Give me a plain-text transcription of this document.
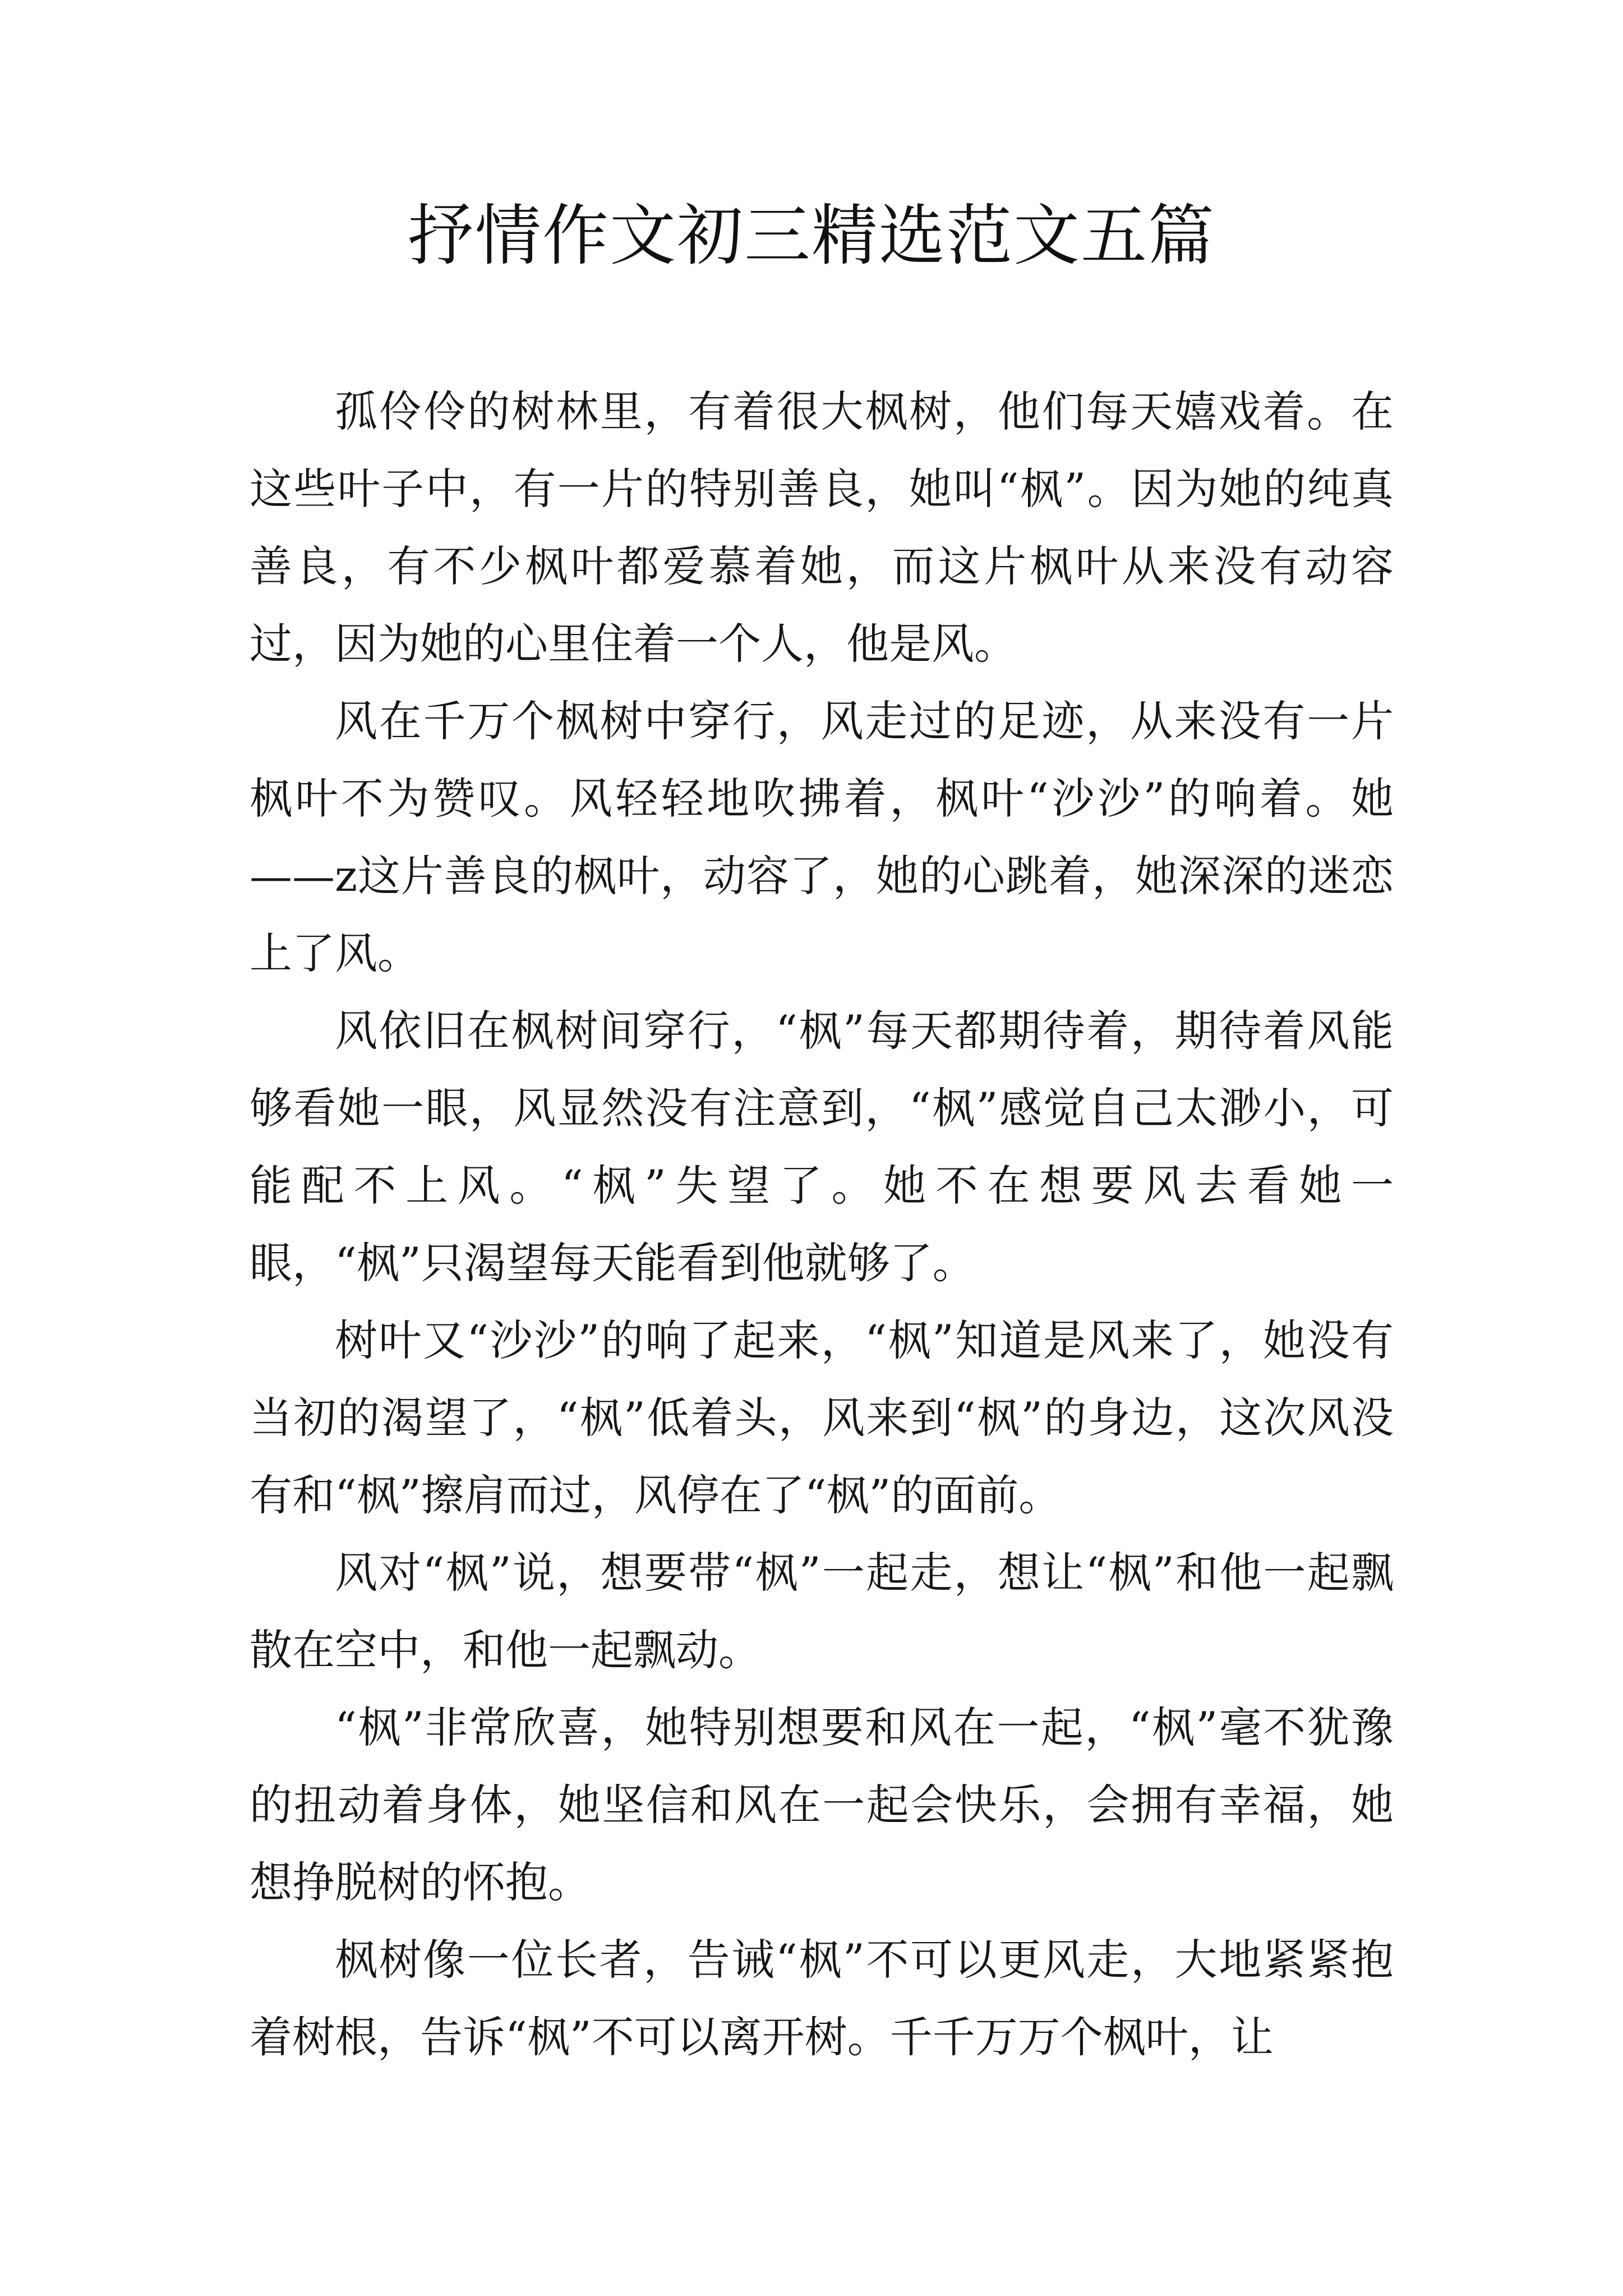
抒情作文初三精选范文五篇

孤伶伶的树林里，有着很大枫树，他们每天嬉戏着。在这些叶子中，有一片的特别善良，她叫“枫”。因为她的纯真善良，有不少枫叶都爱慕着她，而这片枫叶从来没有动容过，因为她的心里住着一个人，他是风。

风在千万个枫树中穿行，风走过的足迹，从来没有一片枫叶不为赞叹。风轻轻地吹拂着，枫叶“沙沙”的响着。她——z这片善良的枫叶，动容了，她的心跳着，她深深的迷恋上了风。

风依旧在枫树间穿行，“枫”每天都期待着，期待着风能够看她一眼，风显然没有注意到，“枫”感觉自己太渺小，可能配不上风。“枫”失望了。她不在想要风去看她一眼，“枫”只渴望每天能看到他就够了。

树叶又“沙沙”的响了起来，“枫”知道是风来了，她没有当初的渴望了，“枫”低着头，风来到“枫”的身边，这次风没有和“枫”擦肩而过，风停在了“枫”的面前。

风对“枫”说，想要带“枫”一起走，想让“枫”和他一起飘散在空中，和他一起飘动。

“枫”非常欣喜，她特别想要和风在一起，“枫”毫不犹豫的扭动着身体，她坚信和风在一起会快乐，会拥有幸福，她想挣脱树的怀抱。

枫树像一位长者，告诫“枫”不可以更风走，大地紧紧抱着树根，告诉“枫”不可以离开树。千千万万个枫叶，让
